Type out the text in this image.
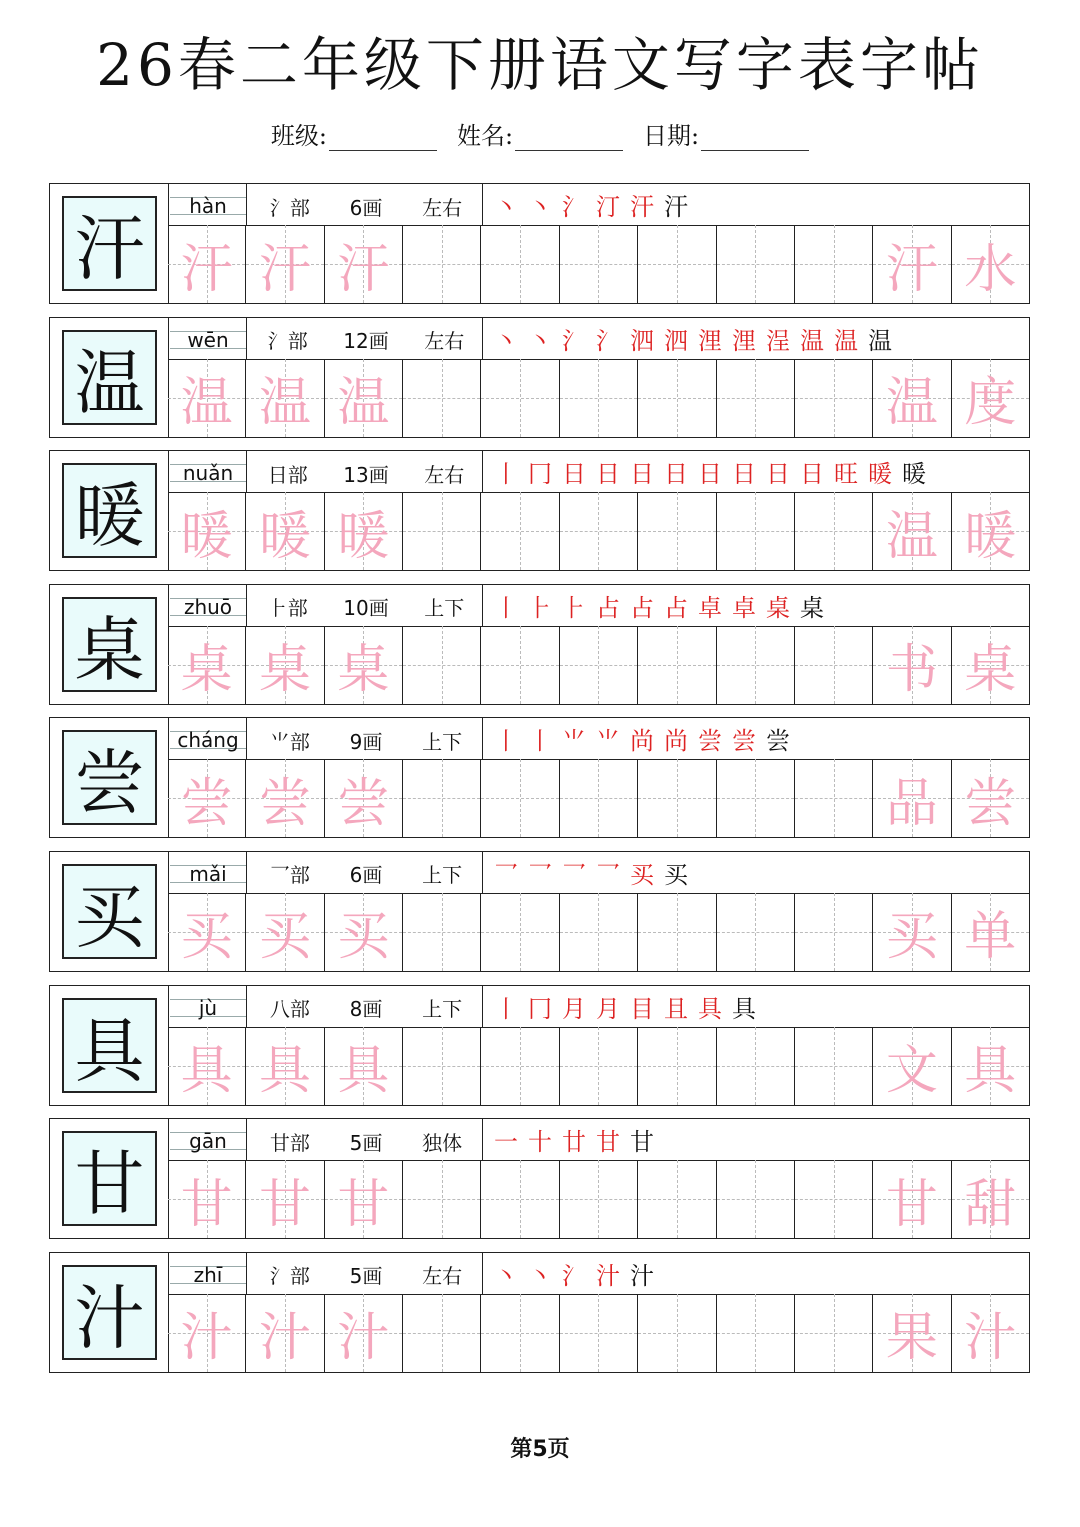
26春二年级下册语文写字表字帖
班级:	姓名:	日期:
汗
hàn	氵部 6画 左右 丶 丶 氵 汀 汗 汗
汗 汗 汗	汗 水
温
wēn	氵部 12画 左右 丶 丶 氵 氵 泗 泗 浬 浬 浧 温 温 温
温 温 温	温 度
暖
nuǎn	日部 13画 左右 丨 冂 日 日 日 日 日 日 日 日 旺 暖 暖
暖 暖 暖	温 暖
桌
zhuō	⺊部 10画 上下 丨 ⺊ ⺊ 占 占 占 卓 卓 桌 桌
桌 桌 桌	书 桌
尝
cháng	⺌部 9画 上下 丨 丨 ⺌ ⺌ 尚 尚 尝 尝 尝
尝 尝 尝	品 尝
买
mǎi	乛部 6画 上下 乛 乛 乛 乛 买 买
买 买 买	买 单
具
jù	八部 8画 上下 丨 冂 月 月 目 且 具 具
具 具 具	文 具
甘
gān	甘部 5画 独体 一 十 廿 甘 甘
甘 甘 甘	甘 甜
汁
zhī	氵部 5画 左右 丶 丶 氵 汁 汁
汁 汁 汁	果 汁
第5页
